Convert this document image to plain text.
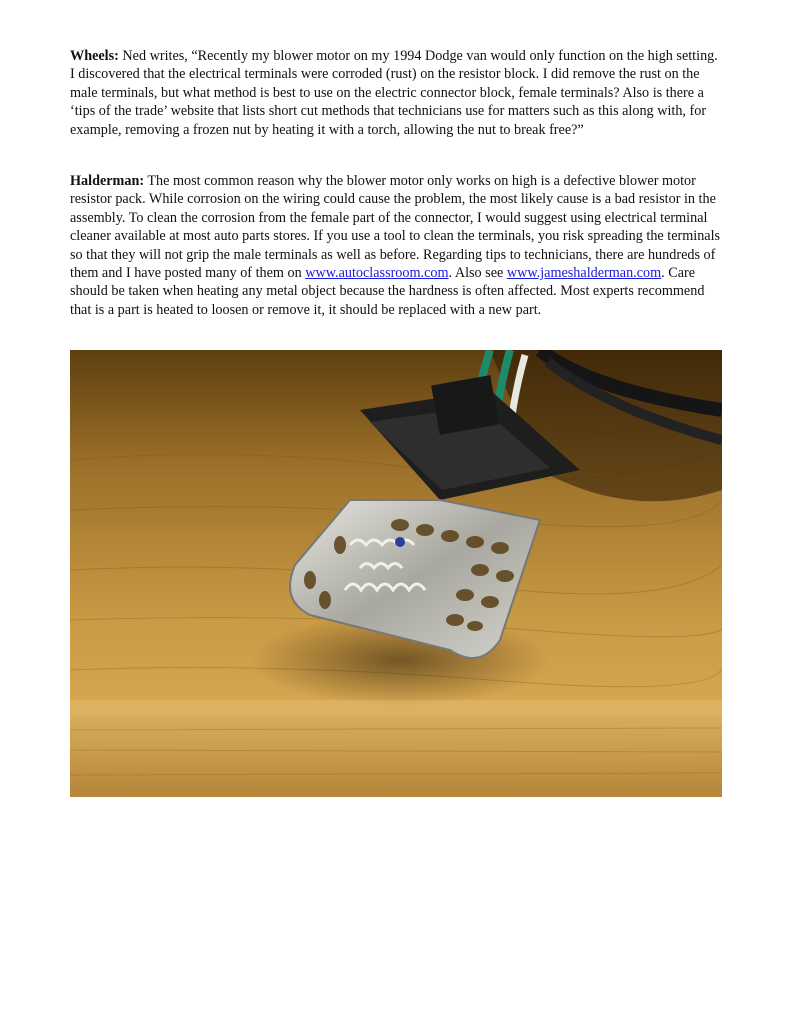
Wheels: Ned writes, “Recently my blower motor on my 1994 Dodge van would only function on the high setting. I discovered that the electrical terminals were corroded (rust) on the resistor block. I did remove the rust on the male terminals, but what method is best to use on the electric connector block, female terminals? Also is there a ‘tips of the trade’ website that lists short cut methods that technicians use for matters such as this along with, for example, removing a frozen nut by heating it with a torch, allowing the nut to break free?”

Halderman: The most common reason why the blower motor only works on high is a defective blower motor resistor pack. While corrosion on the wiring could cause the problem, the most likely cause is a bad resistor in the assembly. To clean the corrosion from the female part of the connector, I would suggest using electrical terminal cleaner available at most auto parts stores. If you use a tool to clean the terminals, you risk spreading the terminals so that they will not grip the male terminals as well as before. Regarding tips to technicians, there are hundreds of them and I have posted many of them on www.autoclassroom.com. Also see www.jameshalderman.com. Care should be taken when heating any metal object because the hardness is often affected. Most experts recommend that is a part is heated to loosen or remove it, it should be replaced with a new part.
